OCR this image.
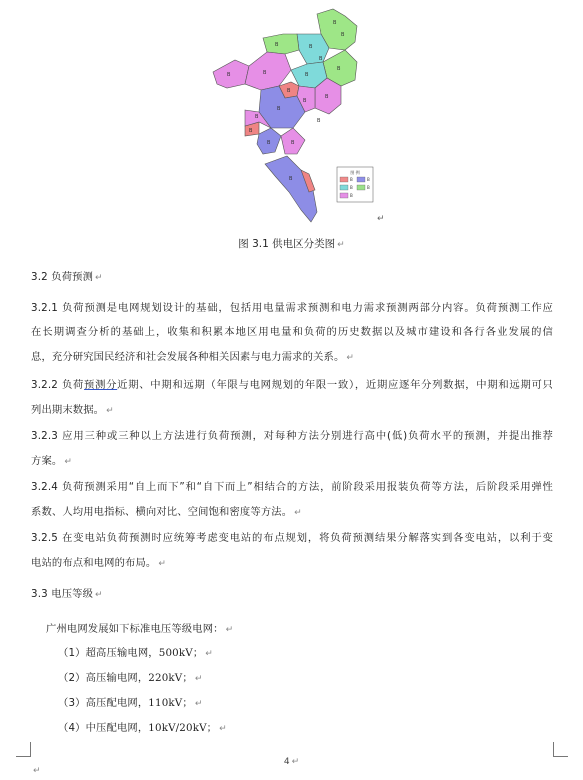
B
B
B
B
B	B
B
B
B
B
B
B
B
B	B
B
B
B
B
图 例
B	B
B	B
B
↵
图 3.1 供电区分类图 ↵
3.2 负荷预测 ↵
3.2.1 负荷预测是电网规划设计的基础，包括用电量需求预测和电力需求预测两部分内容。负荷预测工作应
在长期调查分析的基础上，收集和积累本地区用电量和负荷的历史数据以及城市建设和各行各业发展的信
息，充分研究国民经济和社会发展各种相关因素与电力需求的关系。 ↵
3.2.2 负荷预测分近期、中期和远期（年限与电网规划的年限一致），近期应逐年分列数据，中期和远期可只
列出期末数据。 ↵
3.2.3 应用三种或三种以上方法进行负荷预测，对每种方法分别进行高中(低)负荷水平的预测，并提出推荐
方案。 ↵
3.2.4 负荷预测采用“自上而下”和“自下而上”相结合的方法，前阶段采用报装负荷等方法，后阶段采用弹性
系数、人均用电指标、横向对比、空间饱和密度等方法。 ↵
3.2.5 在变电站负荷预测时应统筹考虑变电站的布点规划，将负荷预测结果分解落实到各变电站，以利于变
电站的布点和电网的布局。 ↵
3.3 电压等级 ↵
广州电网发展如下标准电压等级电网： ↵
（1）超高压输电网，500kV； ↵
（2）高压输电网，220kV； ↵
（3）高压配电网，110kV； ↵
（4）中压配电网，10kV/20kV； ↵
4 ↵
↵
